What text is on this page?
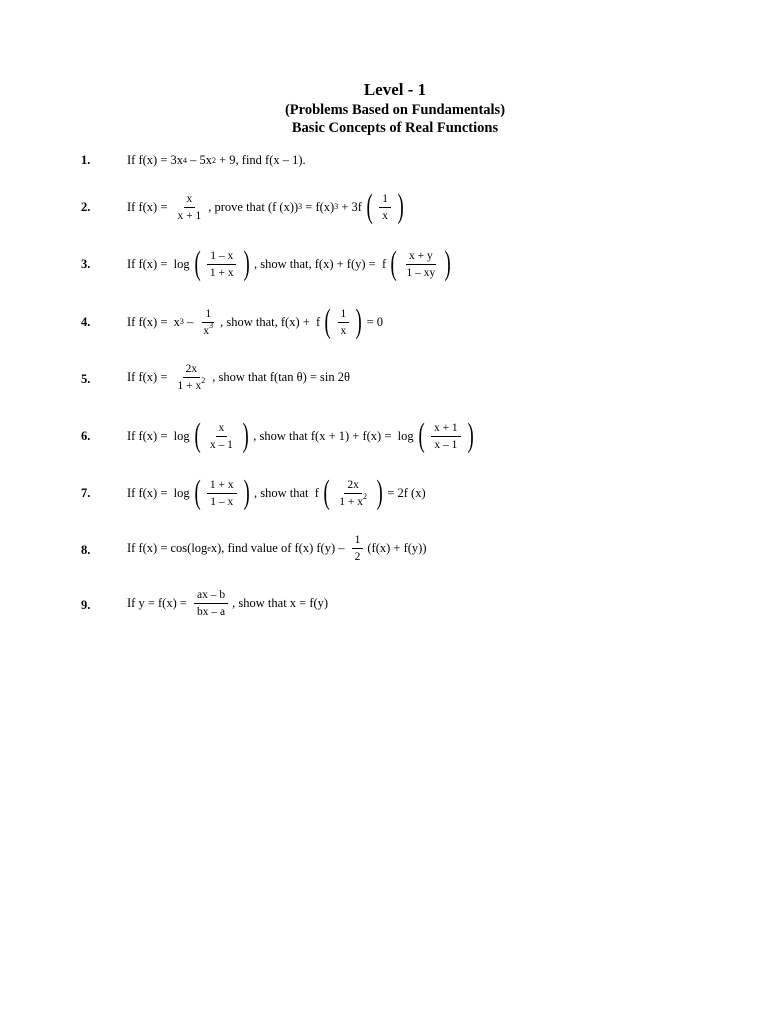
Level - 1
(Problems Based on Fundamentals)
Basic Concepts of Real Functions
1.	If f(x) = 3x 4 – 5x 2 + 9, find f(x – 1).
2.	If $f(x) = \frac{x}{x + 1}$ , prove that (f (x)) 3 = f(x) 3 + 3f ( $\frac{1}{x}$ )
3.	If f(x) =  log ( $\frac{1 - x}{1 + x}$ ) , show that, f(x) + f(y) =  f ( $\frac{x + y}{1 - xy}$ )
4.	If f(x) =  x $3 - \frac{1}{x^3}$ , show that, f(x) +  f ( $\frac{1}{x}$ ) = 0
5.	If $f(x) = \frac{2x}{1 + x^2}$ , show that f(tan θ) = sin 2θ
6.	If f(x) =  log ( $\frac{x}{x - 1}$ ) , show that f(x + 1) + f(x) =  log ( $\frac{x + 1}{x - 1}$ )
7.	If f(x) =  log ( $\frac{1 + x}{1 - x}$ ) , show that  f ( $\frac{2x}{1 + x^2}$ ) = 2f (x)
8.	If f(x) = cos(log e x), find value of f(x) $f(y) - \frac{1}{2} (f(x) + f(y))$
9.	If $y = f(x) = \frac{ax - b}{bx - a}$ , show that x = f(y)
